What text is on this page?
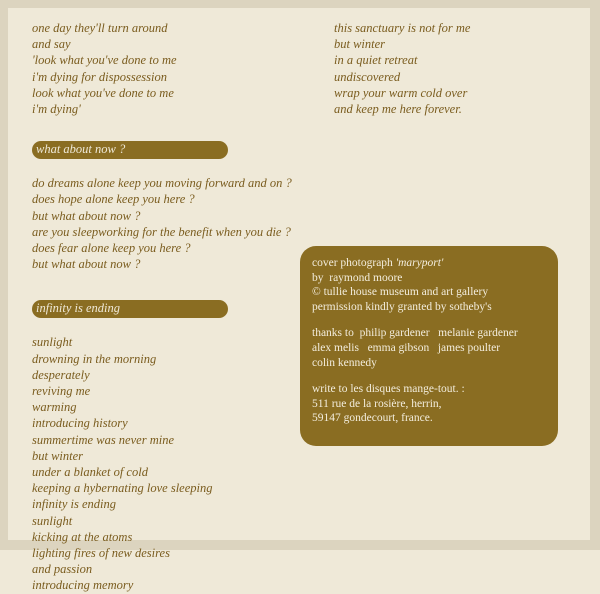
one day they'll turn around
and say
'look what you've done to me
i'm dying for dispossession
look what you've done to me
i'm dying'
what about now ?
do dreams alone keep you moving forward and on ?
does hope alone keep you here ?
but what about now ?
are you sleepworking for the benefit when you die ?
does fear alone keep you here ?
but what about now ?
infinity is ending
sunlight
drowning in the morning
desperately
reviving me
warming
introducing history
summertime was never mine
but winter
under a blanket of cold
keeping a hybernating love sleeping
infinity is ending
sunlight
kicking at the atoms
lighting fires of new desires
and passion
introducing memory
this sanctuary is not for me
but winter
in a quiet retreat
undiscovered
wrap your warm cold over
and keep me here forever.
cover photograph 'maryport'
by  raymond moore
© tullie house museum and art gallery
permission kindly granted by sotheby's
thanks to  philip gardener   melanie gardener
alex melis   emma gibson   james poulter
colin kennedy
write to les disques mange-tout. :
511 rue de la rosière, herrin,
59147 gondecourt, france.
